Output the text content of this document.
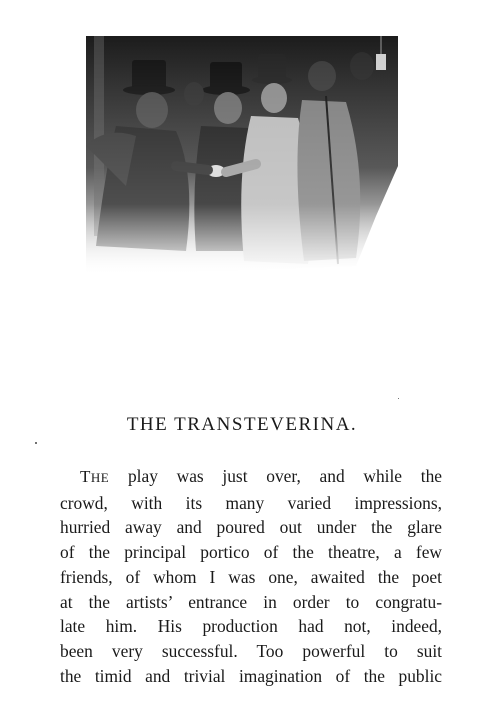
THE TRANSTEVERINA.
THE play was just over, and while the
crowd, with its many varied impressions,
hurried away and poured out under the glare
of the principal portico of the theatre, a few
friends, of whom I was one, awaited the poet
at the artists’ entrance in order to congratu-
late him. His production had not, indeed,
been very successful. Too powerful to suit
the timid and trivial imagination of the public
